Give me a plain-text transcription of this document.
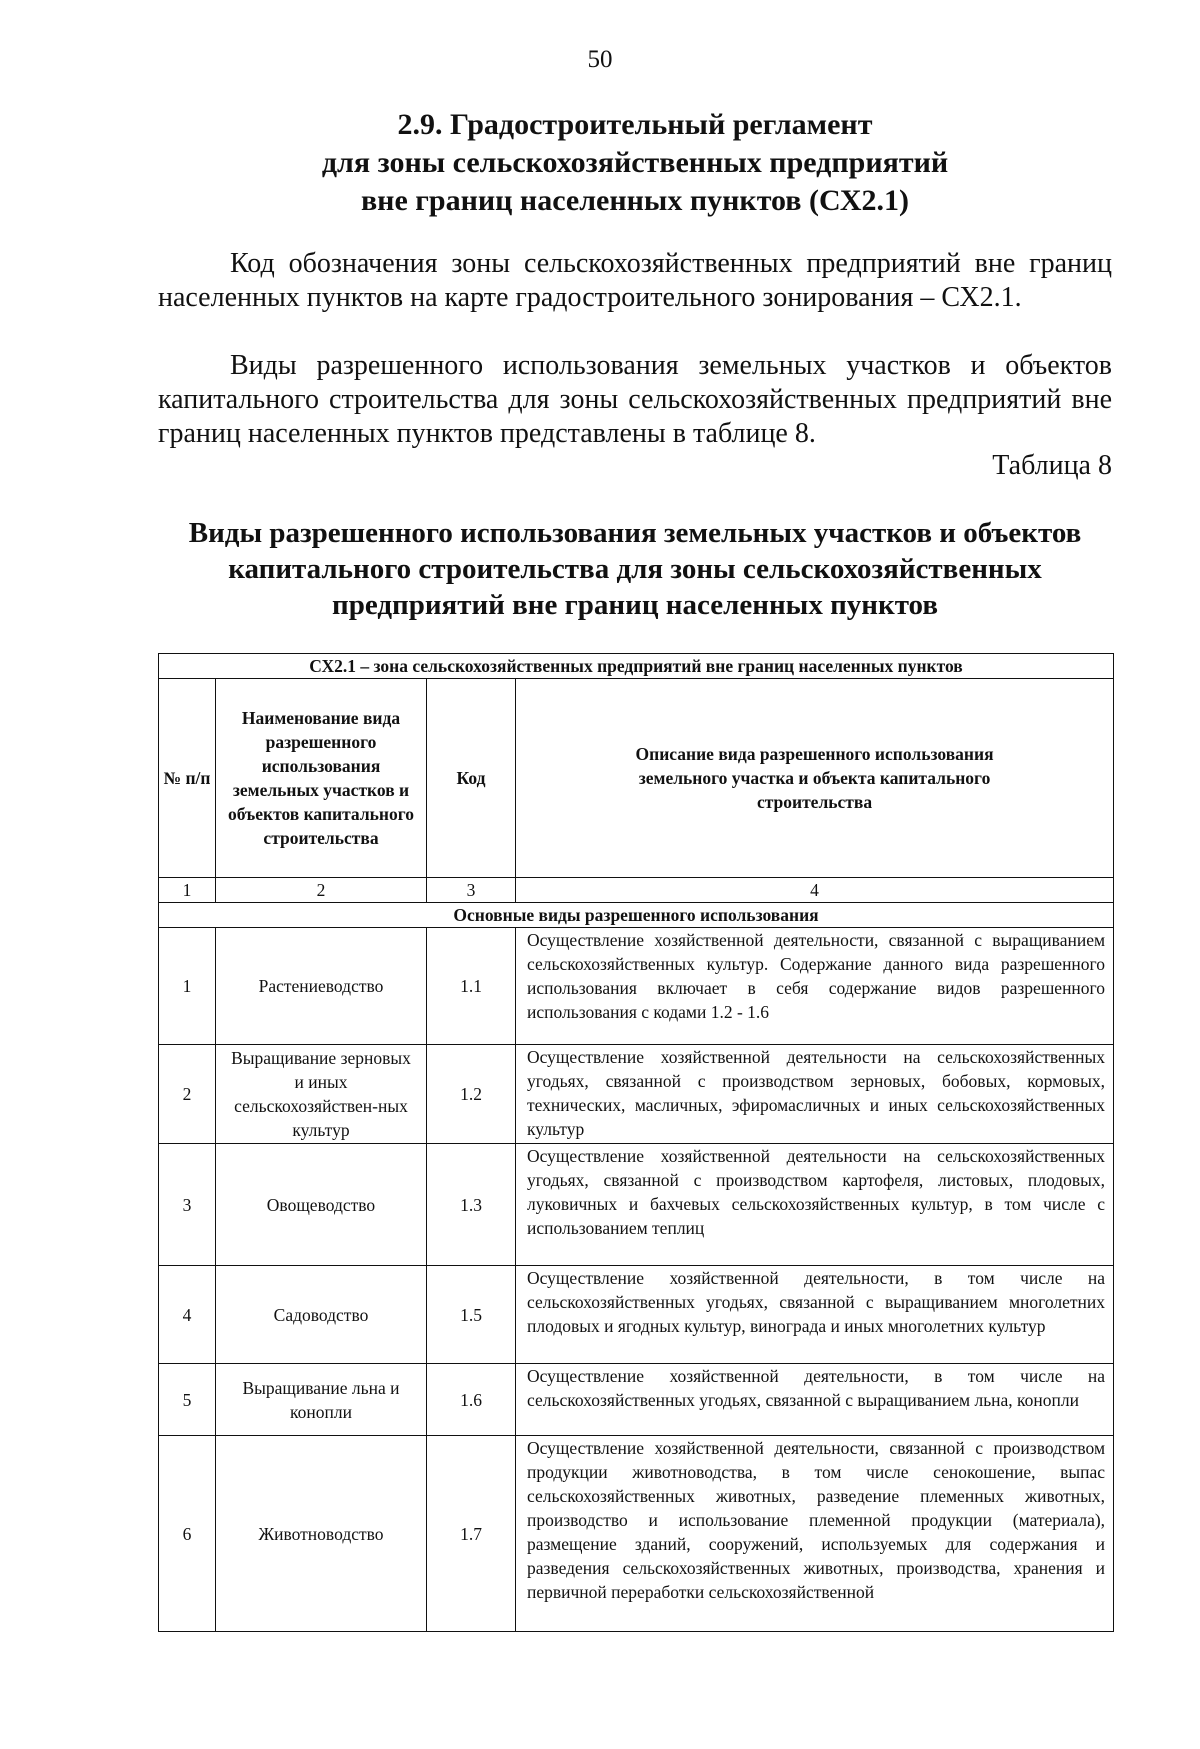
50
2.9. Градостроительный регламент
для зоны сельскохозяйственных предприятий
вне границ населенных пунктов (СХ2.1)

Код обозначения зоны сельскохозяйственных предприятий вне границ населенных пунктов на карте градостроительного зонирования – СХ2.1.

Виды разрешенного использования земельных участков и объектов капитального строительства для зоны сельскохозяйственных предприятий вне границ населенных пунктов представлены в таблице 8.

Таблица 8
Виды разрешенного использования земельных участков и объектов
капитального строительства для зоны сельскохозяйственных
предприятий вне границ населенных пунктов
СХ2.1 – зона сельскохозяйственных предприятий вне границ населенных пунктов			
№ п/п	Наименование вида разрешенного использования земельных участков и объектов капитального строительства	Код	Описание вида разрешенного использования земельного участка и объекта капитального строительства
1	2	3	4
Основные виды разрешенного использования			
1	Растениеводство	1.1	Осуществление хозяйственной деятельности, связанной с выращиванием сельскохозяйственных культур. Содержание данного вида разрешенного использования включает в себя содержание видов разрешенного использования с кодами 1.2 - 1.6
2	Выращивание зерновых и иных сельскохозяйствен-ных культур	1.2	Осуществление хозяйственной деятельности на сельскохозяйственных угодьях, связанной с производством зерновых, бобовых, кормовых, технических, масличных, эфиромасличных и иных сельскохозяйственных культур
3	Овощеводство	1.3	Осуществление хозяйственной деятельности на сельскохозяйственных угодьях, связанной с производством картофеля, листовых, плодовых, луковичных и бахчевых сельскохозяйственных культур, в том числе с использованием теплиц
4	Садоводство	1.5	Осуществление хозяйственной деятельности, в том числе на сельскохозяйственных угодьях, связанной с выращиванием многолетних плодовых и ягодных культур, винограда и иных многолетних культур
5	Выращивание льна и конопли	1.6	Осуществление хозяйственной деятельности, в том числе на сельскохозяйственных угодьях, связанной с выращиванием льна, конопли
6	Животноводство	1.7	Осуществление хозяйственной деятельности, связанной с производством продукции животноводства, в том числе сенокошение, выпас сельскохозяйственных животных, разведение племенных животных, производство и использование племенной продукции (материала), размещение зданий, сооружений, используемых для содержания и разведения сельскохозяйственных животных, производства, хранения и первичной переработки сельскохозяйственной
